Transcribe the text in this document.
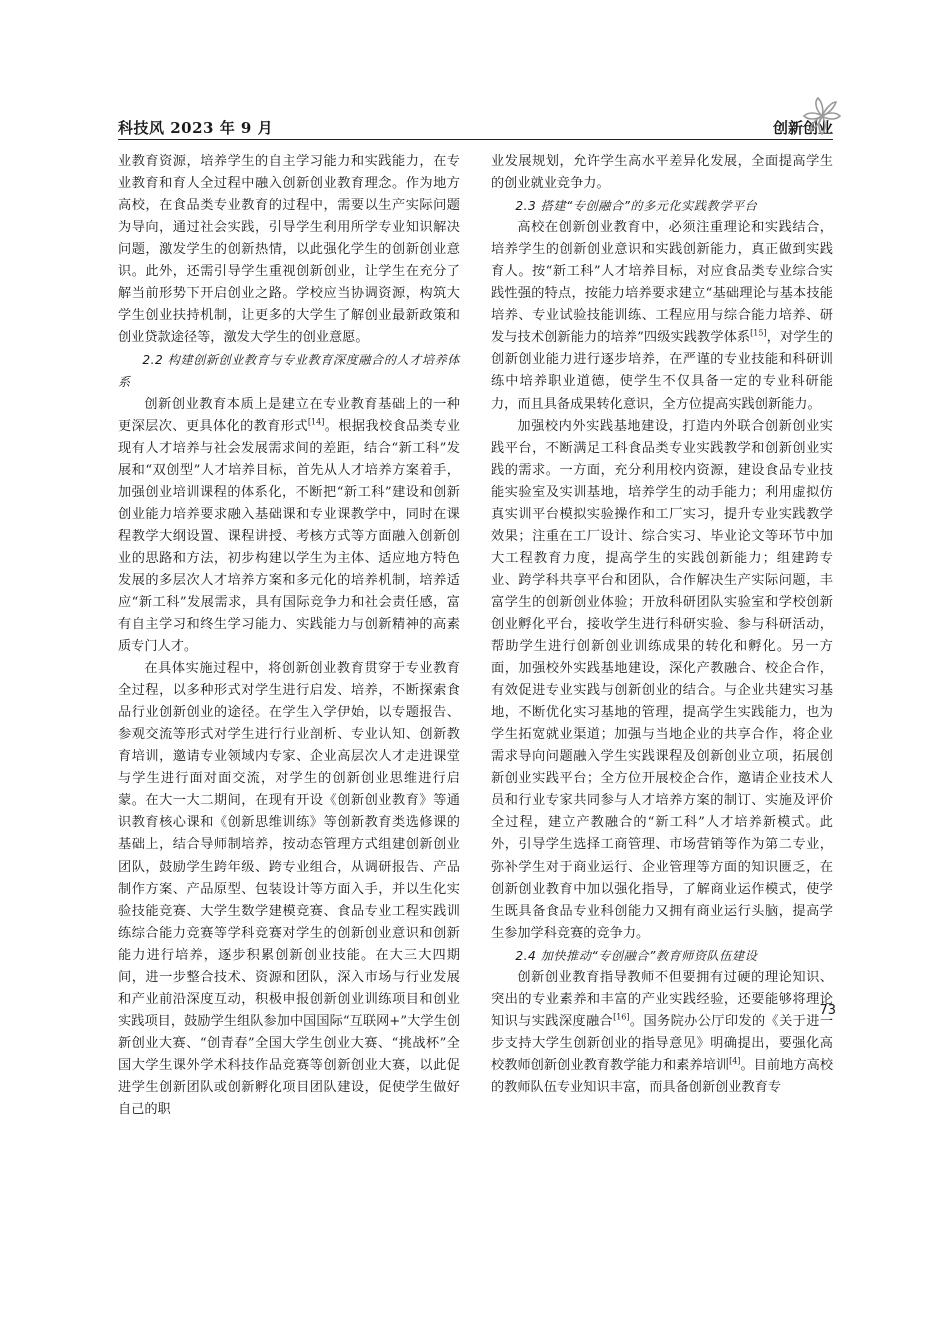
科技风 2023 年 9 月	创新创业

业教育资源，培养学生的自主学习能力和实践能力，在专业教育和育人全过程中融入创新创业教育理念。作为地方高校，在食品类专业教育的过程中，需要以生产实际问题为导向，通过社会实践，引导学生利用所学专业知识解决问题，激发学生的创新热情，以此强化学生的创新创业意识。此外，还需引导学生重视创新创业，让学生在充分了解当前形势下开启创业之路。学校应当协调资源，构筑大学生创业扶持机制，让更多的大学生了解创业最新政策和创业贷款途径等，激发大学生的创业意愿。

2.2 构建创新创业教育与专业教育深度融合的人才培养体系

创新创业教育本质上是建立在专业教育基础上的一种更深层次、更具体化的教育形式[14]。根据我校食品类专业现有人才培养与社会发展需求间的差距，结合“新工科”发展和“双创型”人才培养目标，首先从人才培养方案着手，加强创业培训课程的体系化，不断把“新工科”建设和创新创业能力培养要求融入基础课和专业课教学中，同时在课程教学大纲设置、课程讲授、考核方式等方面融入创新创业的思路和方法，初步构建以学生为主体、适应地方特色发展的多层次人才培养方案和多元化的培养机制，培养适应“新工科”发展需求，具有国际竞争力和社会责任感，富有自主学习和终生学习能力、实践能力与创新精神的高素质专门人才。

在具体实施过程中，将创新创业教育贯穿于专业教育全过程，以多种形式对学生进行启发、培养，不断探索食品行业创新创业的途径。在学生入学伊始，以专题报告、参观交流等形式对学生进行行业剖析、专业认知、创新教育培训，邀请专业领域内专家、企业高层次人才走进课堂与学生进行面对面交流，对学生的创新创业思维进行启蒙。在大一大二期间，在现有开设《创新创业教育》等通识教育核心课和《创新思维训练》等创新教育类选修课的基础上，结合导师制培养，按动态管理方式组建创新创业团队，鼓励学生跨年级、跨专业组合，从调研报告、产品制作方案、产品原型、包装设计等方面入手，并以生化实验技能竞赛、大学生数学建模竞赛、食品专业工程实践训练综合能力竞赛等学科竞赛对学生的创新创业意识和创新能力进行培养，逐步积累创新创业技能。在大三大四期间，进一步整合技术、资源和团队，深入市场与行业发展和产业前沿深度互动，积极申报创新创业训练项目和创业实践项目，鼓励学生组队参加中国国际“互联网+”大学生创新创业大赛、“创青春”全国大学生创业大赛、“挑战杯”全国大学生课外学术科技作品竞赛等创新创业大赛，以此促进学生创新团队或创新孵化项目团队建设，促使学生做好自己的职

业发展规划，允许学生高水平差异化发展，全面提高学生的创业就业竞争力。

2.3 搭建“专创融合”的多元化实践教学平台

高校在创新创业教育中，必须注重理论和实践结合，培养学生的创新创业意识和实践创新能力，真正做到实践育人。按“新工科”人才培养目标，对应食品类专业综合实践性强的特点，按能力培养要求建立“基础理论与基本技能培养、专业试验技能训练、工程应用与综合能力培养、研发与技术创新能力的培养”四级实践教学体系[15]，对学生的创新创业能力进行逐步培养，在严谨的专业技能和科研训练中培养职业道德，使学生不仅具备一定的专业科研能力，而且具备成果转化意识，全方位提高实践创新能力。

加强校内外实践基地建设，打造内外联合创新创业实践平台，不断满足工科食品类专业实践教学和创新创业实践的需求。一方面，充分利用校内资源，建设食品专业技能实验室及实训基地，培养学生的动手能力；利用虚拟仿真实训平台模拟实验操作和工厂实习，提升专业实践教学效果；注重在工厂设计、综合实习、毕业论文等环节中加大工程教育力度，提高学生的实践创新能力；组建跨专业、跨学科共享平台和团队，合作解决生产实际问题，丰富学生的创新创业体验；开放科研团队实验室和学校创新创业孵化平台，接收学生进行科研实验、参与科研活动，帮助学生进行创新创业训练成果的转化和孵化。另一方面，加强校外实践基地建设，深化产教融合、校企合作，有效促进专业实践与创新创业的结合。与企业共建实习基地，不断优化实习基地的管理，提高学生实践能力，也为学生拓宽就业渠道；加强与当地企业的共享合作，将企业需求导向问题融入学生实践课程及创新创业立项，拓展创新创业实践平台；全方位开展校企合作，邀请企业技术人员和行业专家共同参与人才培养方案的制订、实施及评价全过程，建立产教融合的“新工科”人才培养新模式。此外，引导学生选择工商管理、市场营销等作为第二专业，弥补学生对于商业运行、企业管理等方面的知识匮乏，在创新创业教育中加以强化指导，了解商业运作模式，使学生既具备食品专业科创能力又拥有商业运行头脑，提高学生参加学科竞赛的竞争力。

2.4 加快推动“专创融合”教育师资队伍建设

创新创业教育指导教师不但要拥有过硬的理论知识、突出的专业素养和丰富的产业实践经验，还要能够将理论知识与实践深度融合[16]。国务院办公厅印发的《关于进一步支持大学生创新创业的指导意见》明确提出，要强化高校教师创新创业教育教学能力和素养培训[4]。目前地方高校的教师队伍专业知识丰富，而具备创新创业教育专

73
